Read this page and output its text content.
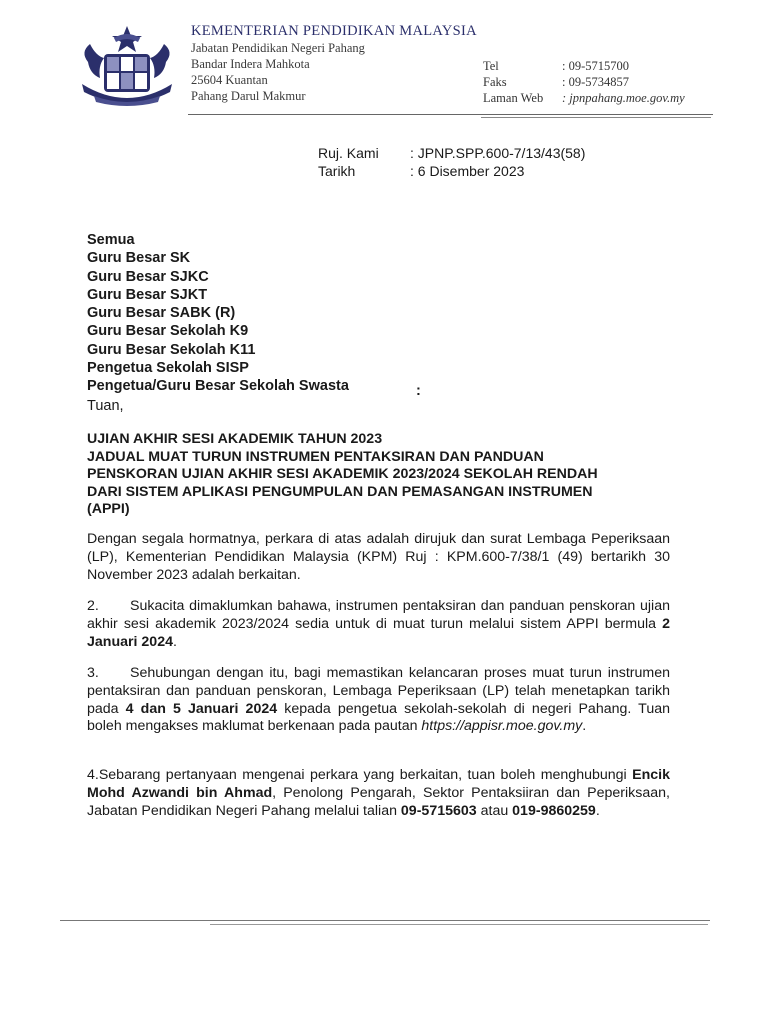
KEMENTERIAN PENDIDIKAN MALAYSIA
Jabatan Pendidikan Negeri Pahang
Bandar Indera Mahkota
25604 Kuantan
Pahang Darul Makmur
Tel	: 09-5715700
Faks	: 09-5734857
Laman Web	: jpnpahang.moe.gov.my
Ruj. Kami	: JPNP.SPP.600-7/13/43(58)
Tarikh	: 6 Disember 2023
Semua
Guru Besar SK
Guru Besar SJKC
Guru Besar SJKT
Guru Besar SABK (R)
Guru Besar Sekolah K9
Guru Besar Sekolah K11
Pengetua Sekolah SISP
Pengetua/Guru Besar Sekolah Swasta	:
Tuan,
UJIAN AKHIR SESI AKADEMIK TAHUN 2023
JADUAL MUAT TURUN INSTRUMEN PENTAKSIRAN DAN PANDUAN
PENSKORAN UJIAN AKHIR SESI AKADEMIK 2023/2024 SEKOLAH RENDAH
DARI SISTEM APLIKASI PENGUMPULAN DAN PEMASANGAN INSTRUMEN
(APPI)
Dengan segala hormatnya, perkara di atas adalah dirujuk dan surat Lembaga Peperiksaan (LP), Kementerian Pendidikan Malaysia (KPM) Ruj : KPM.600-7/38/1 (49) bertarikh 30 November 2023 adalah berkaitan.
2. Sukacita dimaklumkan bahawa, instrumen pentaksiran dan panduan penskoran ujian akhir sesi akademik 2023/2024 sedia untuk di muat turun melalui sistem APPI bermula 2 Januari 2024.
3. Sehubungan dengan itu, bagi memastikan kelancaran proses muat turun instrumen pentaksiran dan panduan penskoran, Lembaga Peperiksaan (LP) telah menetapkan tarikh pada 4 dan 5 Januari 2024 kepada pengetua sekolah-sekolah di negeri Pahang. Tuan boleh mengakses maklumat berkenaan pada pautan https://appisr.moe.gov.my.
4.Sebarang pertanyaan mengenai perkara yang berkaitan, tuan boleh menghubungi Encik Mohd Azwandi bin Ahmad, Penolong Pengarah, Sektor Pentaksiiran dan Peperiksaan, Jabatan Pendidikan Negeri Pahang melalui talian 09-5715603 atau 019-9860259.
